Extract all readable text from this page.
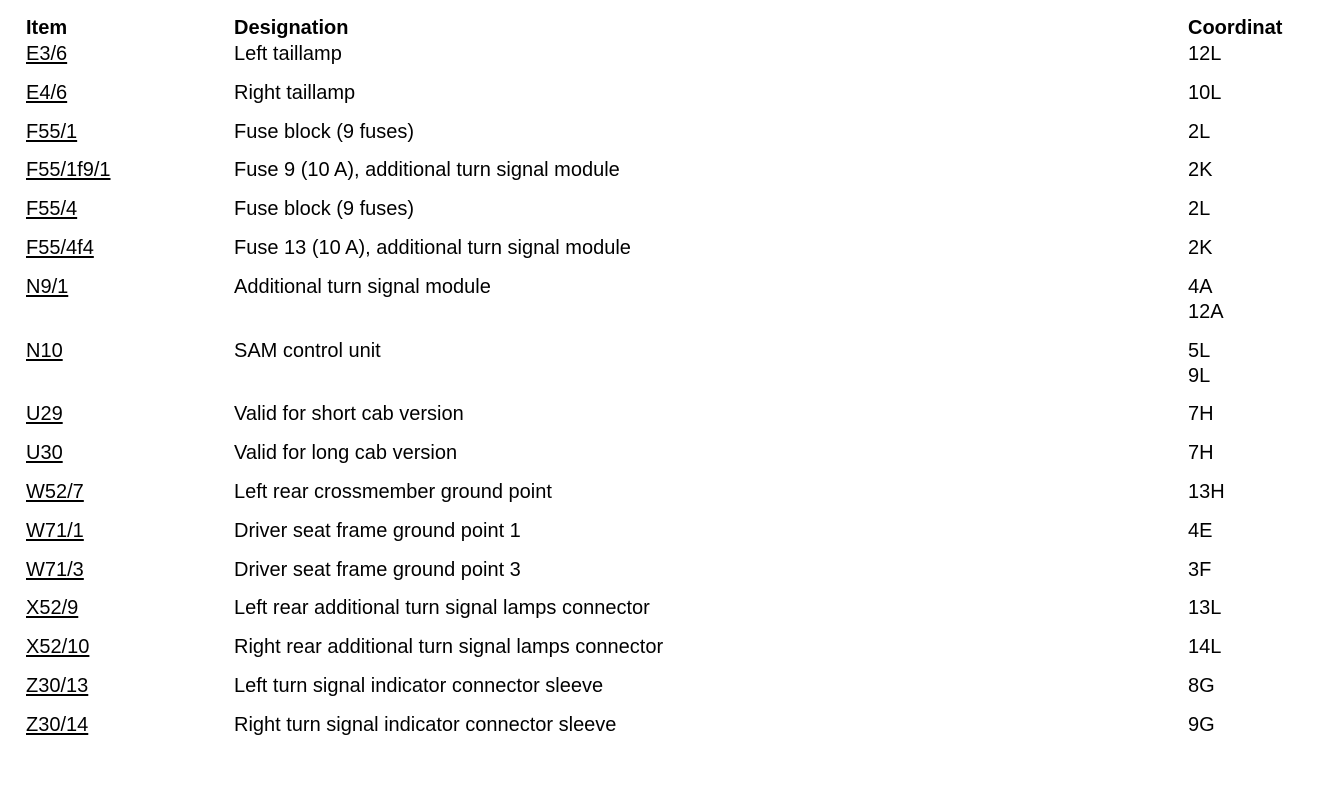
Item	Designation	Coordinat
E3/6	Left taillamp	12L
E4/6	Right taillamp	10L
F55/1	Fuse block (9 fuses)	2L
F55/1f9/1	Fuse 9 (10 A), additional turn signal module	2K
F55/4	Fuse block (9 fuses)	2L
F55/4f4	Fuse 13 (10 A), additional turn signal module	2K
N9/1	Additional turn signal module	4A
12A
N10	SAM control unit	5L
9L
U29	Valid for short cab version	7H
U30	Valid for long cab version	7H
W52/7	Left rear crossmember ground point	13H
W71/1	Driver seat frame ground point 1	4E
W71/3	Driver seat frame ground point 3	3F
X52/9	Left rear additional turn signal lamps connector	13L
X52/10	Right rear additional turn signal lamps connector	14L
Z30/13	Left turn signal indicator connector sleeve	8G
Z30/14	Right turn signal indicator connector sleeve	9G
